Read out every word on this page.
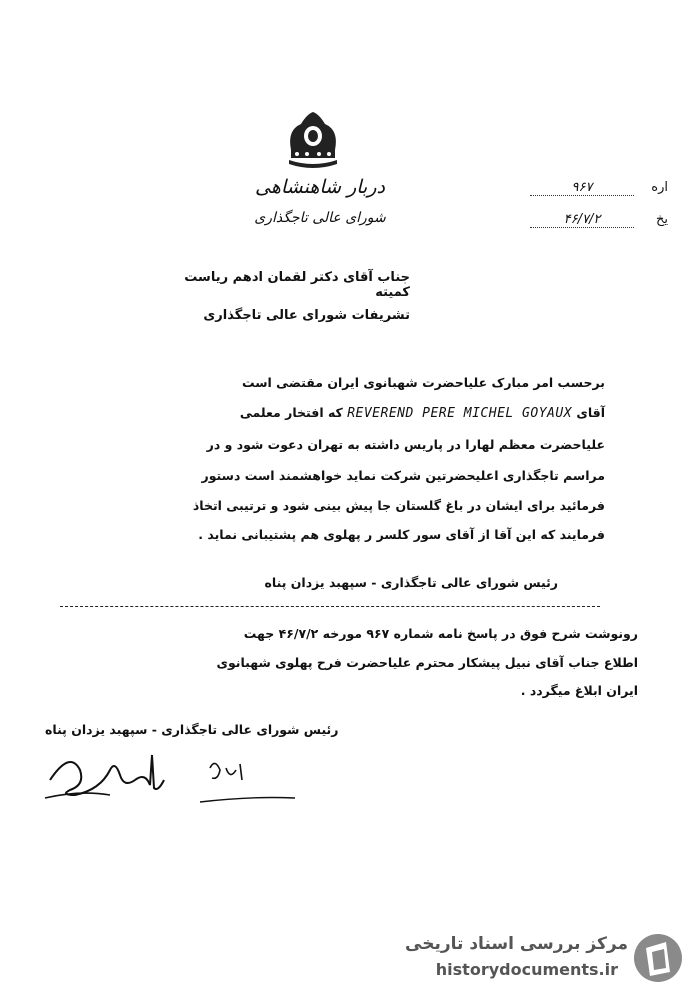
دربار شاهنشاهی
شورای عالی تاجگذاری
۹۶۷	اره
۴۶/۷/۲	یخ
جناب آقای دکتر لقمان ادهم ریاست کمیته
تشریفات شورای عالی تاجگذاری
برحسب امر مبارک علیاحضرت شهبانوی ایران مقتضی است
آقای REVEREND PERE MICHEL GOYAUX که افتخار معلمی
علیاحضرت معظم لهارا در پاریس داشته به تهران دعوت شود و در
مراسم تاجگذاری اعلیحضرتین شرکت نماید خواهشمند است دستور
فرمائید برای ایشان در باغ گلستان جا پیش بینی شود و ترتیبی اتخاذ
فرمایند که این آقا از آقای سور کلسر ر پهلوی هم پشتیبانی نماید .
رئیس شورای عالی تاجگذاری - سپهبد یزدان پناه
رونوشت شرح فوق در پاسخ نامه شماره ۹۶۷ مورخه ۴۶/۷/۲ جهت
اطلاع جناب آقای نبیل پیشکار محترم علیاحضرت فرح پهلوی شهبانوی
ایران ابلاغ میگردد .
رئیس شورای عالی تاجگذاری - سپهبد یزدان پناه
مرکز بررسی اسناد تاریخی
historydocuments.ir
